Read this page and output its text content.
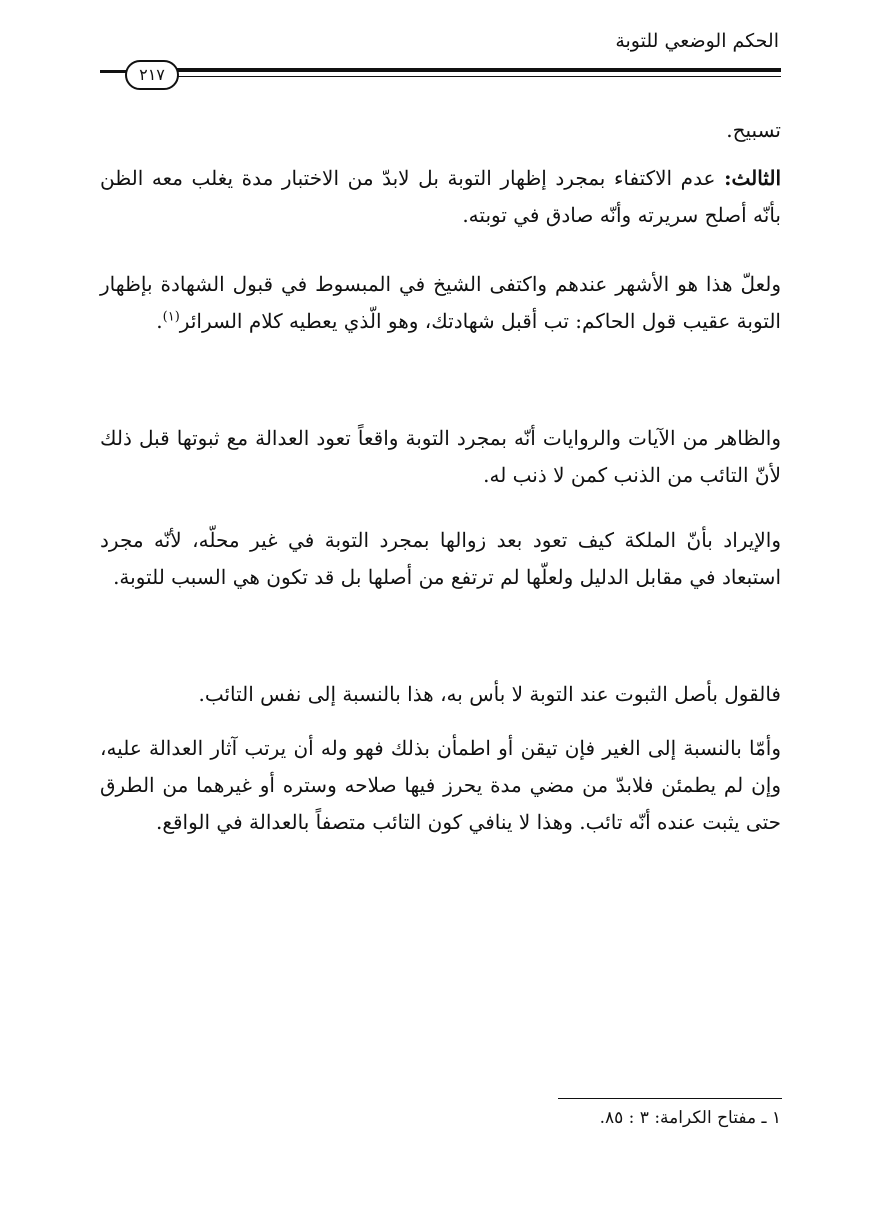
الحكم الوضعي للتوبة
٢١٧
تسبيح.
الثالث: عدم الاكتفاء بمجرد إظهار التوبة بل لابدّ من الاختبار مدة يغلب معه الظن بأنّه أصلح سريرته وأنّه صادق في توبته.
ولعلّ هذا هو الأشهر عندهم واكتفى الشيخ في المبسوط في قبول الشهادة بإظهار التوبة عقيب قول الحاكم: تب أقبل شهادتك، وهو الّذي يعطيه كلام السرائر$^{(١)}$.
والظاهر من الآيات والروايات أنّه بمجرد التوبة واقعاً تعود العدالة مع ثبوتها قبل ذلك لأنّ التائب من الذنب كمن لا ذنب له.
والإيراد بأنّ الملكة كيف تعود بعد زوالها بمجرد التوبة في غير محلّه، لأنّه مجرد استبعاد في مقابل الدليل ولعلّها لم ترتفع من أصلها بل قد تكون هي السبب للتوبة.
فالقول بأصل الثبوت عند التوبة لا بأس به، هذا بالنسبة إلى نفس التائب.
وأمّا بالنسبة إلى الغير فإن تيقن أو اطمأن بذلك فهو وله أن يرتب آثار العدالة عليه، وإن لم يطمئن فلابدّ من مضي مدة يحرز فيها صلاحه وستره أو غيرهما من الطرق حتى يثبت عنده أنّه تائب. وهذا لا ينافي كون التائب متصفاً بالعدالة في الواقع.
١ ـ مفتاح الكرامة: ٣ : ٨٥.
